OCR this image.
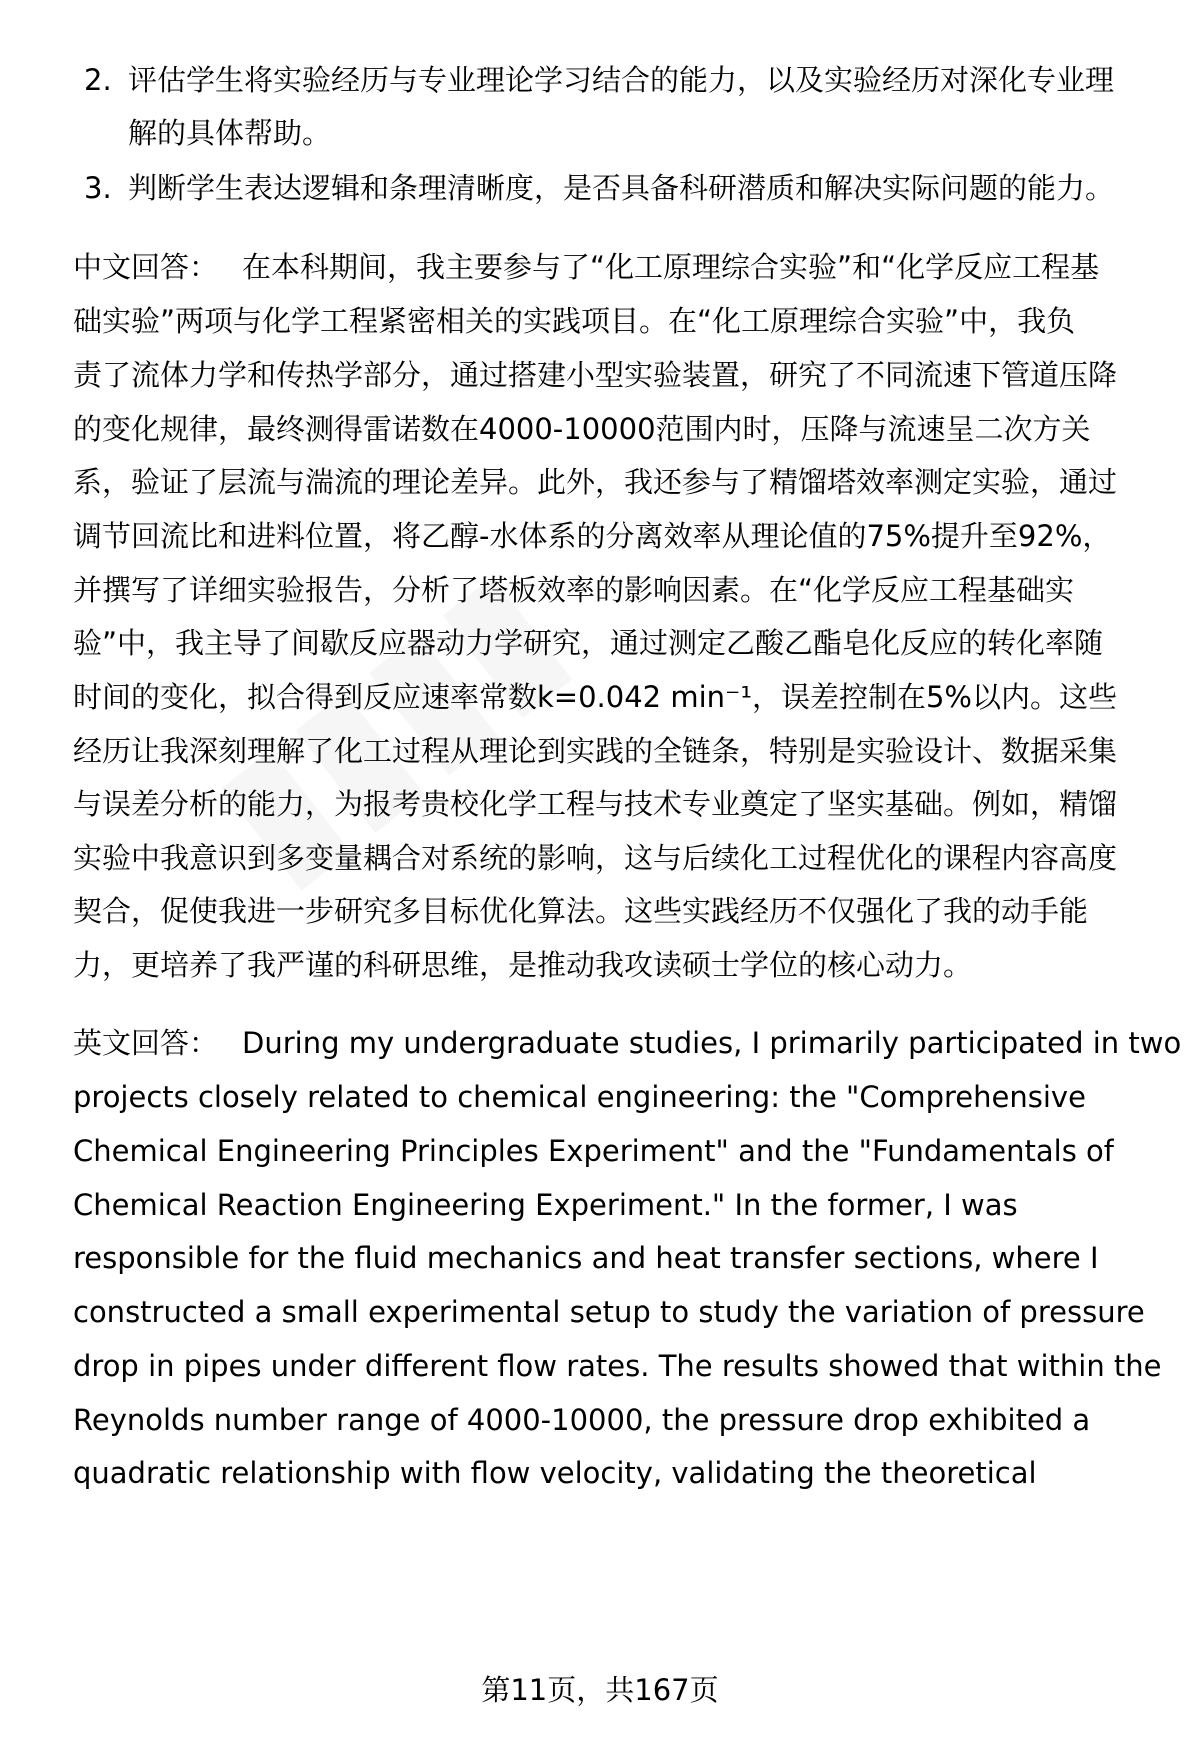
2. 评估学生将实验经历与专业理论学习结合的能力，以及实验经历对深化专业理
解的具体帮助。
3. 判断学生表达逻辑和条理清晰度，是否具备科研潜质和解决实际问题的能力。
中文回答： 在本科期间，我主要参与了“化工原理综合实验”和“化学反应工程基
础实验”两项与化学工程紧密相关的实践项目。在“化工原理综合实验”中，我负
责了流体力学和传热学部分，通过搭建小型实验装置，研究了不同流速下管道压降
的变化规律，最终测得雷诺数在4000-10000范围内时，压降与流速呈二次方关
系，验证了层流与湍流的理论差异。此外，我还参与了精馏塔效率测定实验，通过
调节回流比和进料位置，将乙醇-水体系的分离效率从理论值的75%提升至92%，
并撰写了详细实验报告，分析了塔板效率的影响因素。在“化学反应工程基础实
验”中，我主导了间歇反应器动力学研究，通过测定乙酸乙酯皂化反应的转化率随
时间的变化，拟合得到反应速率常数k=0.042 min⁻¹，误差控制在5%以内。这些
经历让我深刻理解了化工过程从理论到实践的全链条，特别是实验设计、数据采集
与误差分析的能力，为报考贵校化学工程与技术专业奠定了坚实基础。例如，精馏
实验中我意识到多变量耦合对系统的影响，这与后续化工过程优化的课程内容高度
契合，促使我进一步研究多目标优化算法。这些实践经历不仅强化了我的动手能
力，更培养了我严谨的科研思维，是推动我攻读硕士学位的核心动力。
英文回答： During my undergraduate studies, I primarily participated in two
projects closely related to chemical engineering: the "Comprehensive
Chemical Engineering Principles Experiment" and the "Fundamentals of
Chemical Reaction Engineering Experiment." In the former, I was
responsible for the fluid mechanics and heat transfer sections, where I
constructed a small experimental setup to study the variation of pressure
drop in pipes under different flow rates. The results showed that within the
Reynolds number range of 4000-10000, the pressure drop exhibited a
quadratic relationship with flow velocity, validating the theoretical
第11页，共167页
